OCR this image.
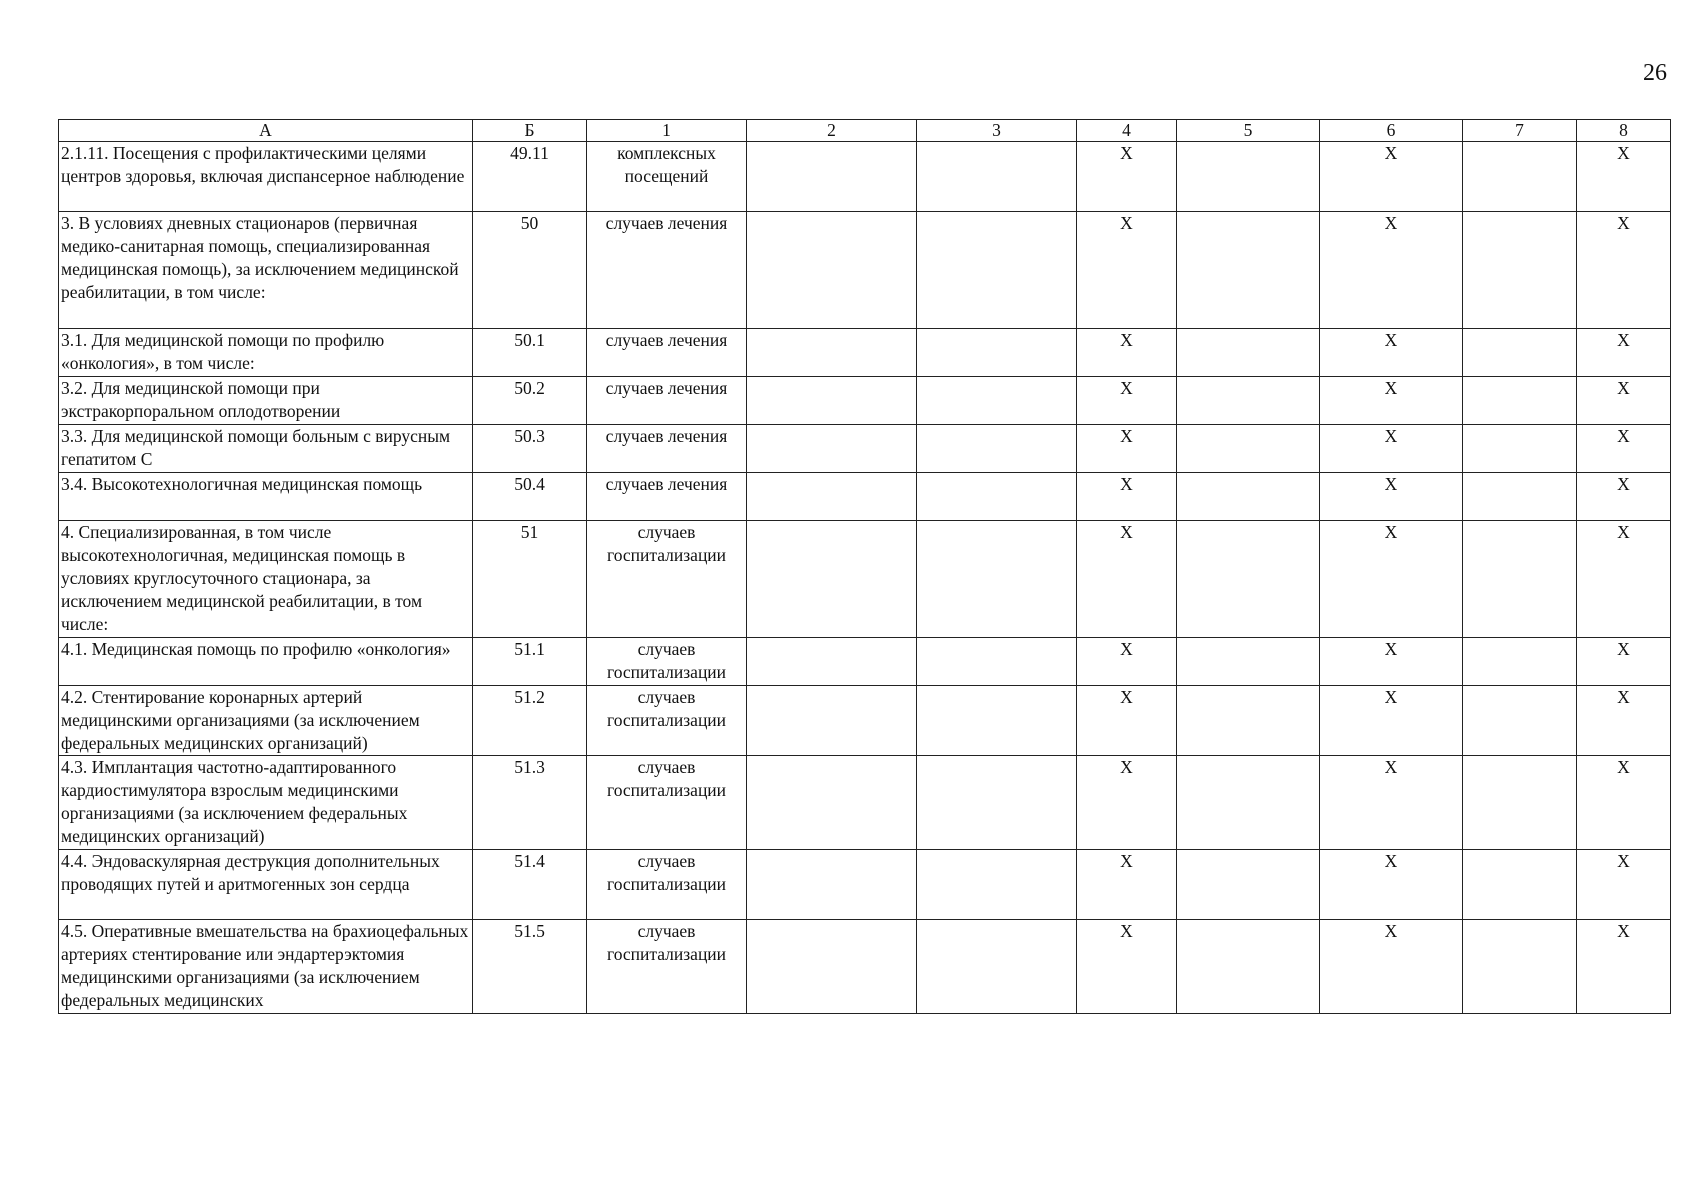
26
А	Б	1	2	3	4	5	6	7	8
2.1.11. Посещения с профилактическими целями центров здоровья, включая диспансерное наблюдение	49.11	комплексных посещений			Х		Х		Х
3. В условиях дневных стационаров (первичная медико-санитарная помощь, специализированная медицинская помощь), за исключением медицинской реабилитации, в том числе:	50	случаев лечения			Х		Х		Х
3.1. Для медицинской помощи по профилю «онкология», в том числе:	50.1	случаев лечения			Х		Х		Х
3.2. Для медицинской помощи при экстракорпоральном оплодотворении	50.2	случаев лечения			Х		Х		Х
3.3. Для медицинской помощи больным с вирусным гепатитом С	50.3	случаев лечения			Х		Х		Х
3.4. Высокотехнологичная медицинская помощь	50.4	случаев лечения			Х		Х		Х
4. Специализированная, в том числе высокотехнологичная, медицинская помощь в условиях круглосуточного стационара, за исключением медицинской реабилитации, в том числе:	51	случаев госпитализации			Х		Х		Х
4.1. Медицинская помощь по профилю «онкология»	51.1	случаев госпитализации			Х		Х		Х
4.2. Стентирование коронарных артерий медицинскими организациями (за исключением федеральных медицинских организаций)	51.2	случаев госпитализации			Х		Х		Х
4.3. Имплантация частотно-адаптированного кардиостимулятора взрослым медицинскими организациями (за исключением федеральных медицинских организаций)	51.3	случаев госпитализации			Х		Х		Х
4.4. Эндоваскулярная деструкция дополнительных проводящих путей и аритмогенных зон сердца	51.4	случаев госпитализации			Х		Х		Х
4.5. Оперативные вмешательства на брахиоцефальных артериях стентирование или эндартерэктомия медицинскими организациями (за исключением федеральных медицинских	51.5	случаев госпитализации			Х		Х		Х
